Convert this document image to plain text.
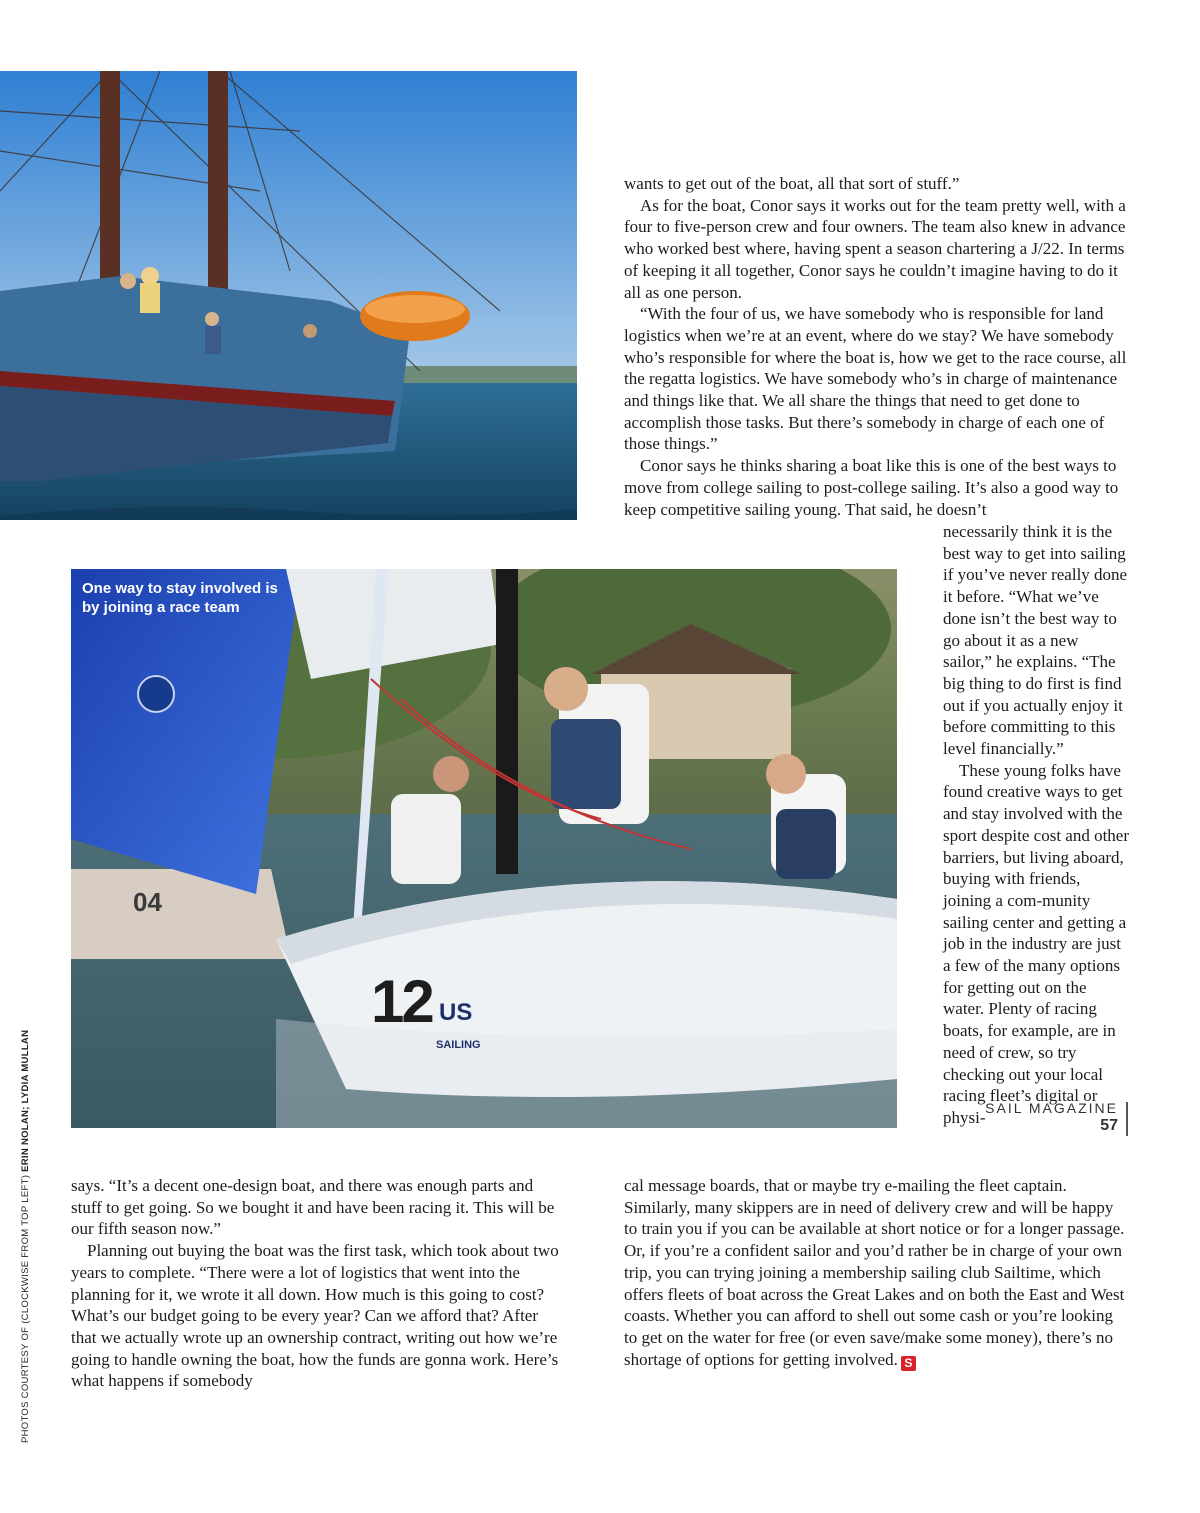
12 US
SAILING
04
One way to stay involved is by joining a race team
PHOTOS COURTESY OF (CLOCKWISE FROM TOP LEFT) ERIN NOLAN; LYDIA MULLAN

wants to get out of the boat, all that sort of stuff.”

As for the boat, Conor says it works out for the team pretty well, with a four to five-person crew and four owners. The team also knew in advance who worked best where, having spent a season chartering a J/22. In terms of keeping it all together, Conor says he couldn’t imagine having to do it all as one person.

“With the four of us, we have somebody who is responsible for land logistics when we’re at an event, where do we stay? We have somebody who’s responsible for where the boat is, how we get to the race course, all the regatta logistics. We have somebody who’s in charge of maintenance and things like that. We all share the things that need to get done to accomplish those tasks. But there’s somebody in charge of each one of those things.”

Conor says he thinks sharing a boat like this is one of the best ways to move from college sailing to post-college sailing. It’s also a good way to keep competitive sailing young. That said, he doesn’t

necessarily think it is the best way to get into sailing if you’ve never really done it before. “What we’ve done isn’t the best way to go about it as a new sailor,” he explains. “The big thing to do first is find out if you actually enjoy it before committing to this level financially.”

These young folks have found creative ways to get and stay involved with the sport despite cost and other barriers, but living aboard, buying with friends, joining a com-munity sailing center and getting a job in the industry are just a few of the many options for getting out on the water. Plenty of racing boats, for example, are in need of crew, so try checking out your local racing fleet’s digital or physi-

says. “It’s a decent one-design boat, and there was enough parts and stuff to get going. So we bought it and have been racing it. This will be our fifth season now.”

Planning out buying the boat was the first task, which took about two years to complete. “There were a lot of logistics that went into the planning for it, we wrote it all down. How much is this going to cost? What’s our budget going to be every year? Can we afford that? After that we actually wrote up an ownership contract, writing out how we’re going to handle owning the boat, how the funds are gonna work. Here’s what happens if somebody

cal message boards, that or maybe try e-mailing the fleet captain. Similarly, many skippers are in need of delivery crew and will be happy to train you if you can be available at short notice or for a longer passage. Or, if you’re a confident sailor and you’d rather be in charge of your own trip, you can trying joining a membership sailing club Sailtime, which offers fleets of boat across the Great Lakes and on both the East and West coasts. Whether you can afford to shell out some cash or you’re looking to get on the water for free (or even save/make some money), there’s no shortage of options for getting involved. S

SAIL MAGAZINE
57
